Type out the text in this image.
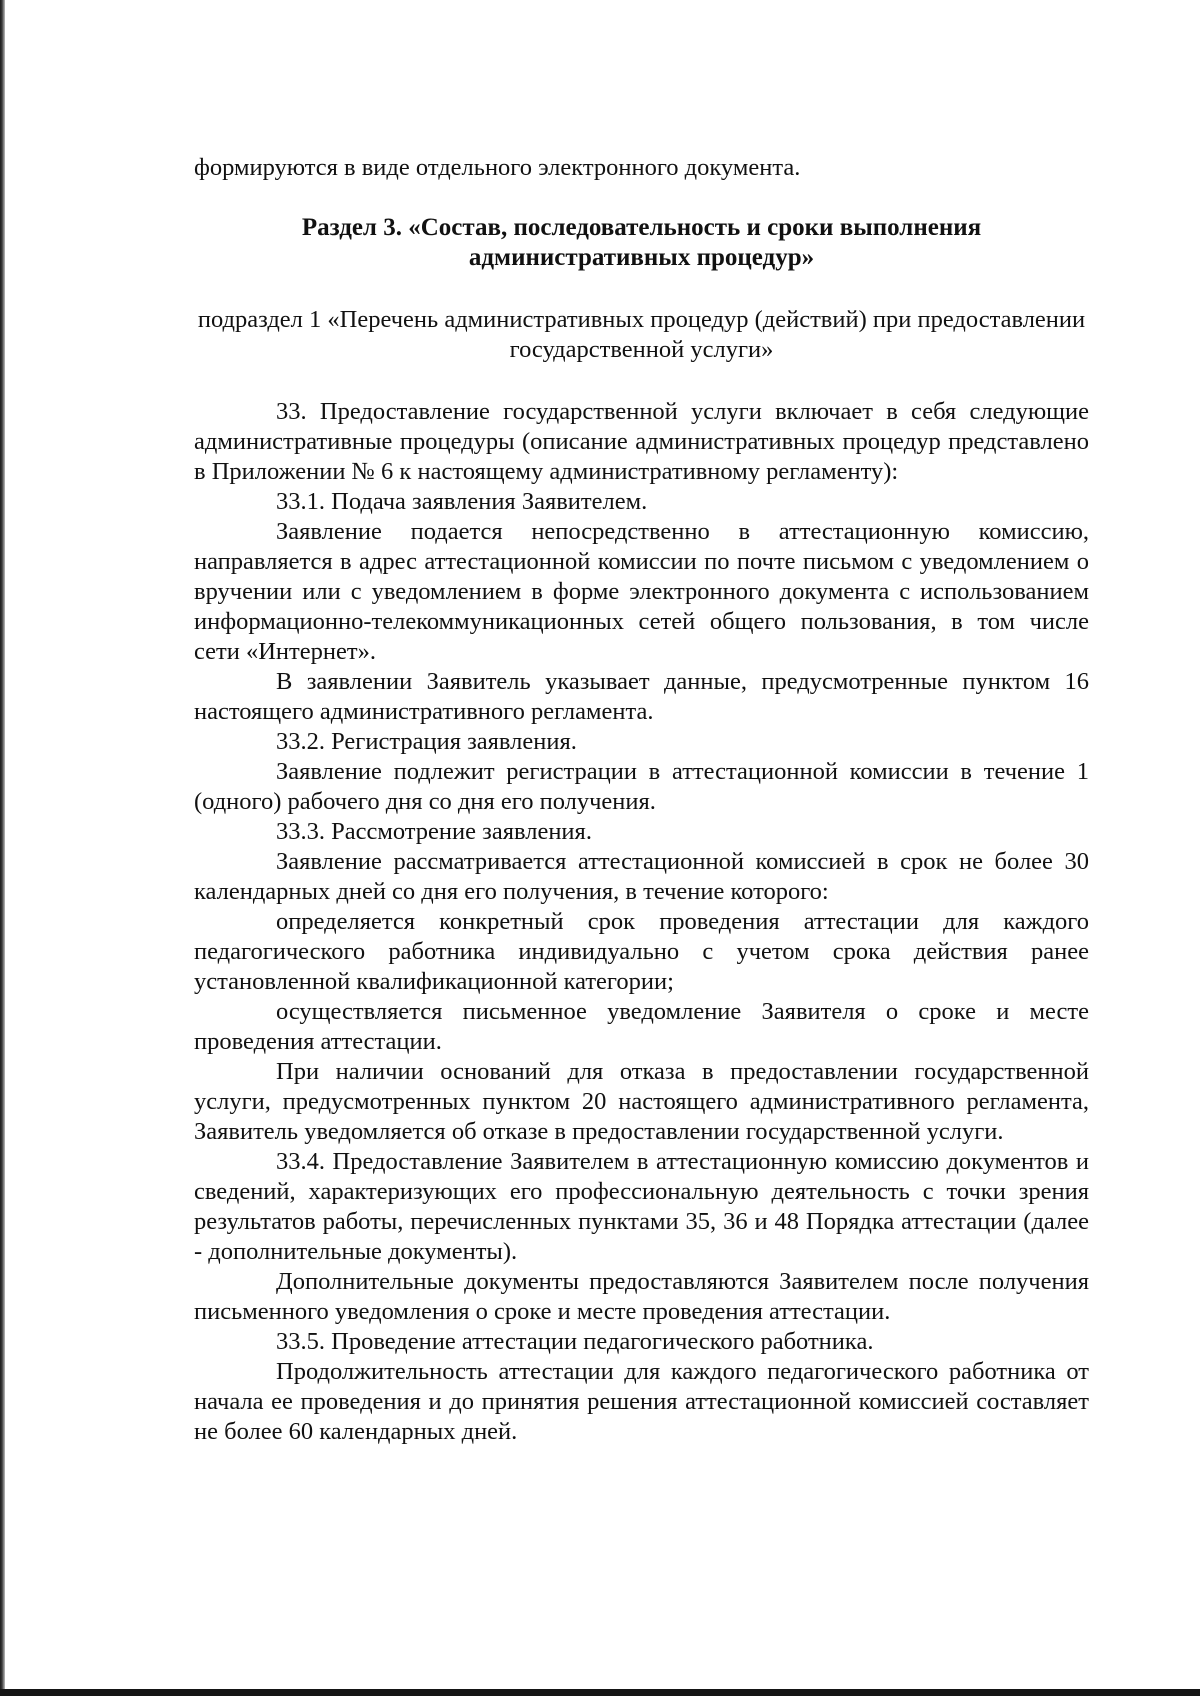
формируются в виде отдельного электронного документа.
Раздел 3. «Состав, последовательность и сроки выполнения административных процедур»
подраздел 1 «Перечень административных процедур (действий) при предоставлении государственной услуги»

33. Предоставление государственной услуги включает в себя следующие административные процедуры (описание административных процедур представлено в Приложении № 6 к настоящему административному регламенту):

33.1. Подача заявления Заявителем.

Заявление подается непосредственно в аттестационную комиссию, направляется в адрес аттестационной комиссии по почте письмом с уведомлением о вручении или с уведомлением в форме электронного документа с использованием информационно-телекоммуникационных сетей общего пользования, в том числе сети «Интернет».

В заявлении Заявитель указывает данные, предусмотренные пунктом 16 настоящего административного регламента.

33.2. Регистрация заявления.

Заявление подлежит регистрации в аттестационной комиссии в течение 1 (одного) рабочего дня со дня его получения.

33.3. Рассмотрение заявления.

Заявление рассматривается аттестационной комиссией в срок не более 30 календарных дней со дня его получения, в течение которого:

определяется конкретный срок проведения аттестации для каждого педагогического работника индивидуально с учетом срока действия ранее установленной квалификационной категории;

осуществляется письменное уведомление Заявителя о сроке и месте проведения аттестации.

При наличии оснований для отказа в предоставлении государственной услуги, предусмотренных пунктом 20 настоящего административного регламента, Заявитель уведомляется об отказе в предоставлении государственной услуги.

33.4. Предоставление Заявителем в аттестационную комиссию документов и сведений, характеризующих его профессиональную деятельность с точки зрения результатов работы, перечисленных пунктами 35, 36 и 48 Порядка аттестации (далее - дополнительные документы).

Дополнительные документы предоставляются Заявителем после получения письменного уведомления о сроке и месте проведения аттестации.

33.5. Проведение аттестации педагогического работника.

Продолжительность аттестации для каждого педагогического работника от начала ее проведения и до принятия решения аттестационной комиссией составляет не более 60 календарных дней.
